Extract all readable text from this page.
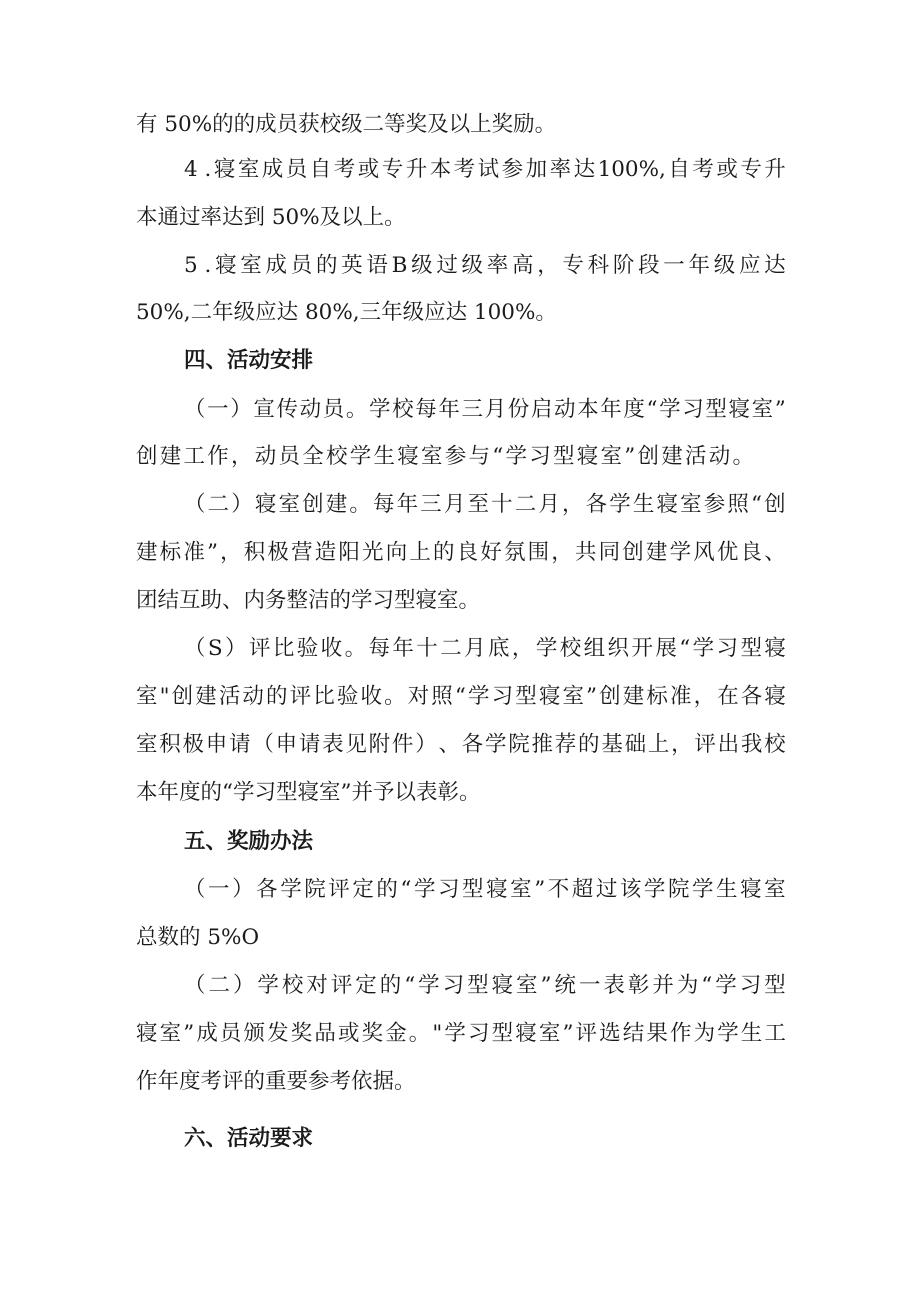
有 50%的的成员获校级二等奖及以上奖励。
4 . 寝 室 成 员 自 考 或 专 升 本 考 试 参 加 率 达 100%, 自 考 或 专 升
本通过率达到 50%及以上。
5 . 寝 室 成 员 的 英 语 B 级 过 级 率 高 ， 专 科 阶 段 一 年 级 应 达
50%,二年级应达 80%,三年级应达 100%。
四、活动安排
（ 一 ） 宣 传 动 员 。 学 校 每 年 三 月 份 启 动 本 年 度 “ 学 习 型 寝 室 ”
创 建 工 作 ， 动 员 全 校 学 生 寝 室 参 与 “ 学 习 型 寝 室 ” 创 建 活 动 。
（ 二 ） 寝 室 创 建 。 每 年 三 月 至 十 二 月 ， 各 学 生 寝 室 参 照 “ 创
建 标 准 ” ， 积 极 营 造 阳 光 向 上 的 良 好 氛 围 ， 共 同 创 建 学 风 优 良 、
团结互助、内务整洁的学习型寝室。
（ S ） 评 比 验 收 。 每 年 十 二 月 底 ， 学 校 组 织 开 展 “ 学 习 型 寝
室 " 创 建 活 动 的 评 比 验 收 。 对 照 “ 学 习 型 寝 室 ” 创 建 标 准 ， 在 各 寝
室 积 极 申 请 （ 申 请 表 见 附 件 ） 、 各 学 院 推 荐 的 基 础 上 ， 评 出 我 校
本年度的“学习型寝室”并予以表彰。
五、奖励办法
（ 一 ） 各 学 院 评 定 的 “ 学 习 型 寝 室 ” 不 超 过 该 学 院 学 生 寝 室
总数的 5%O
（ 二 ） 学 校 对 评 定 的 “ 学 习 型 寝 室 ” 统 一 表 彰 并 为 “ 学 习 型
寝 室 ” 成 员 颁 发 奖 品 或 奖 金 。 " 学 习 型 寝 室 ” 评 选 结 果 作 为 学 生 工
作年度考评的重要参考依据。
六、活动要求
